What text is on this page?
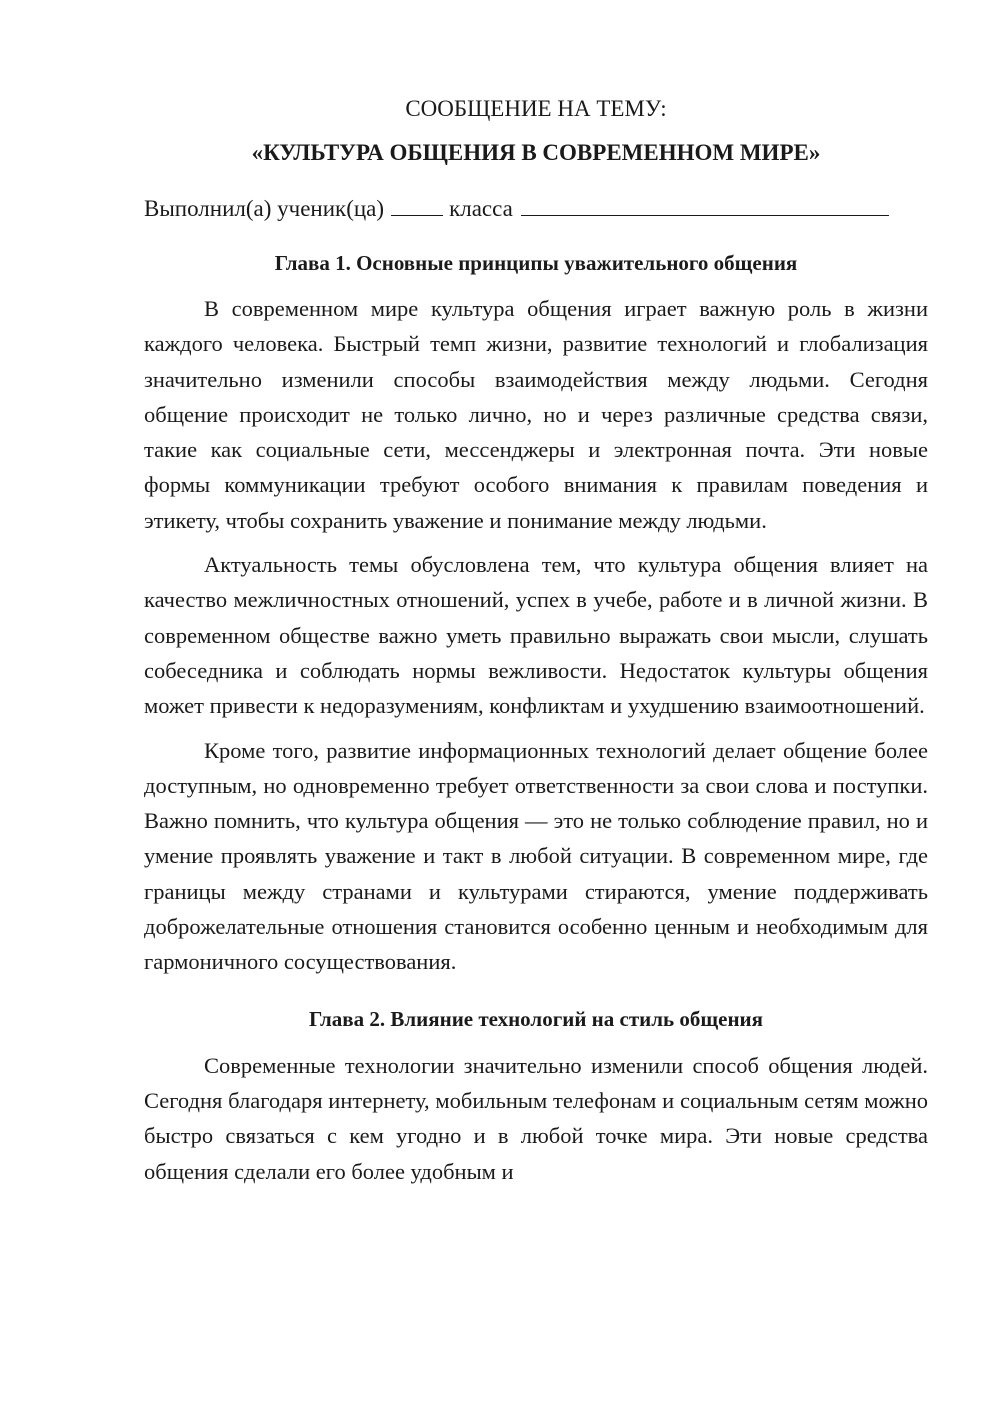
СООБЩЕНИЕ НА ТЕМУ:

«КУЛЬТУРА ОБЩЕНИЯ В СОВРЕМЕННОМ МИРЕ»

Выполнил(а) ученик(ца)	класса

Глава 1. Основные принципы уважительного общения

В современном мире культура общения играет важную роль в жизни каждого человека. Быстрый темп жизни, развитие технологий и глобализация значительно изменили способы взаимодействия между людьми. Сегодня общение происходит не только лично, но и через различные средства связи, такие как социальные сети, мессенджеры и электронная почта. Эти новые формы коммуникации требуют особого внимания к правилам поведения и этикету, чтобы сохранить уважение и понимание между людьми.

Актуальность темы обусловлена тем, что культура общения влияет на качество межличностных отношений, успех в учебе, работе и в личной жизни. В современном обществе важно уметь правильно выражать свои мысли, слушать собеседника и соблюдать нормы вежливости. Недостаток культуры общения может привести к недоразумениям, конфликтам и ухудшению взаимоотношений.

Кроме того, развитие информационных технологий делает общение более доступным, но одновременно требует ответственности за свои слова и поступки. Важно помнить, что культура общения — это не только соблюдение правил, но и умение проявлять уважение и такт в любой ситуации. В современном мире, где границы между странами и культурами стираются, умение поддерживать доброжелательные отношения становится особенно ценным и необходимым для гармоничного сосуществования.

Глава 2. Влияние технологий на стиль общения

Современные технологии значительно изменили способ общения людей. Сегодня благодаря интернету, мобильным телефонам и социальным сетям можно быстро связаться с кем угодно и в любой точке мира. Эти новые средства общения сделали его более удобным и
